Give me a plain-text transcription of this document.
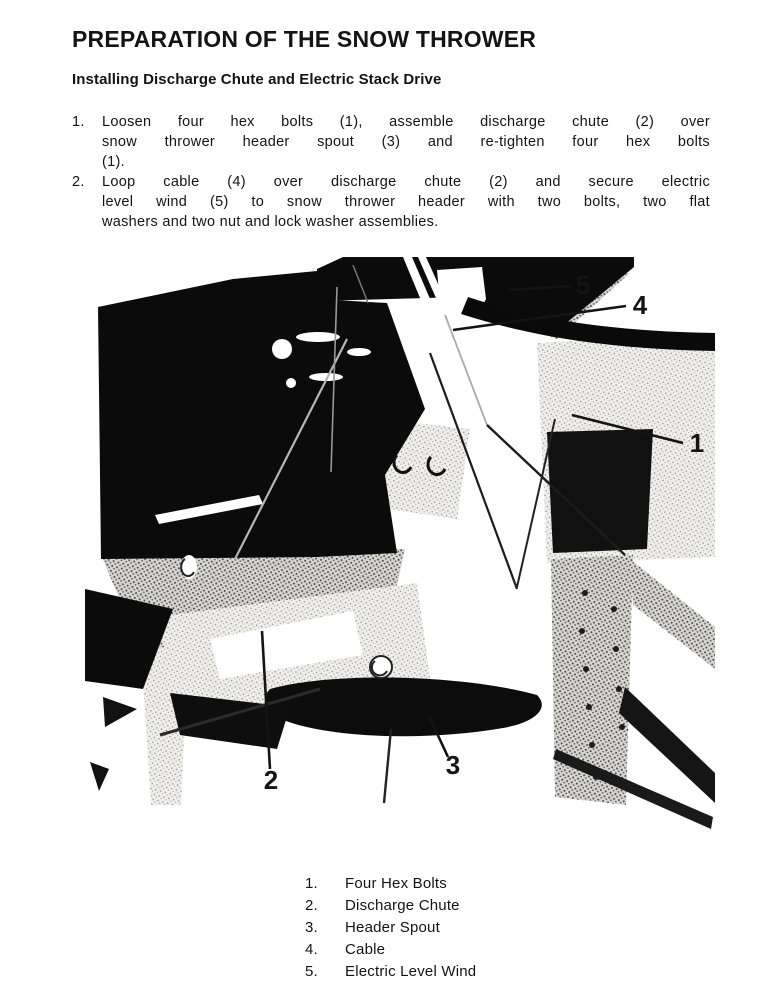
PREPARATION OF THE SNOW THROWER
Installing Discharge Chute and Electric Stack Drive
1.	Loosen four hex bolts (1), assemble discharge chute (2) over
snow thrower header spout (3) and re-tighten four hex bolts
(1).
2.	Loop cable (4) over discharge chute (2) and secure electric
level wind (5) to snow thrower header with two bolts, two flat
washers and two nut and lock washer assemblies.
5
4
1
2	3
1.	Four Hex Bolts
2.	Discharge Chute
3.	Header Spout
4.	Cable
5.	Electric Level Wind
